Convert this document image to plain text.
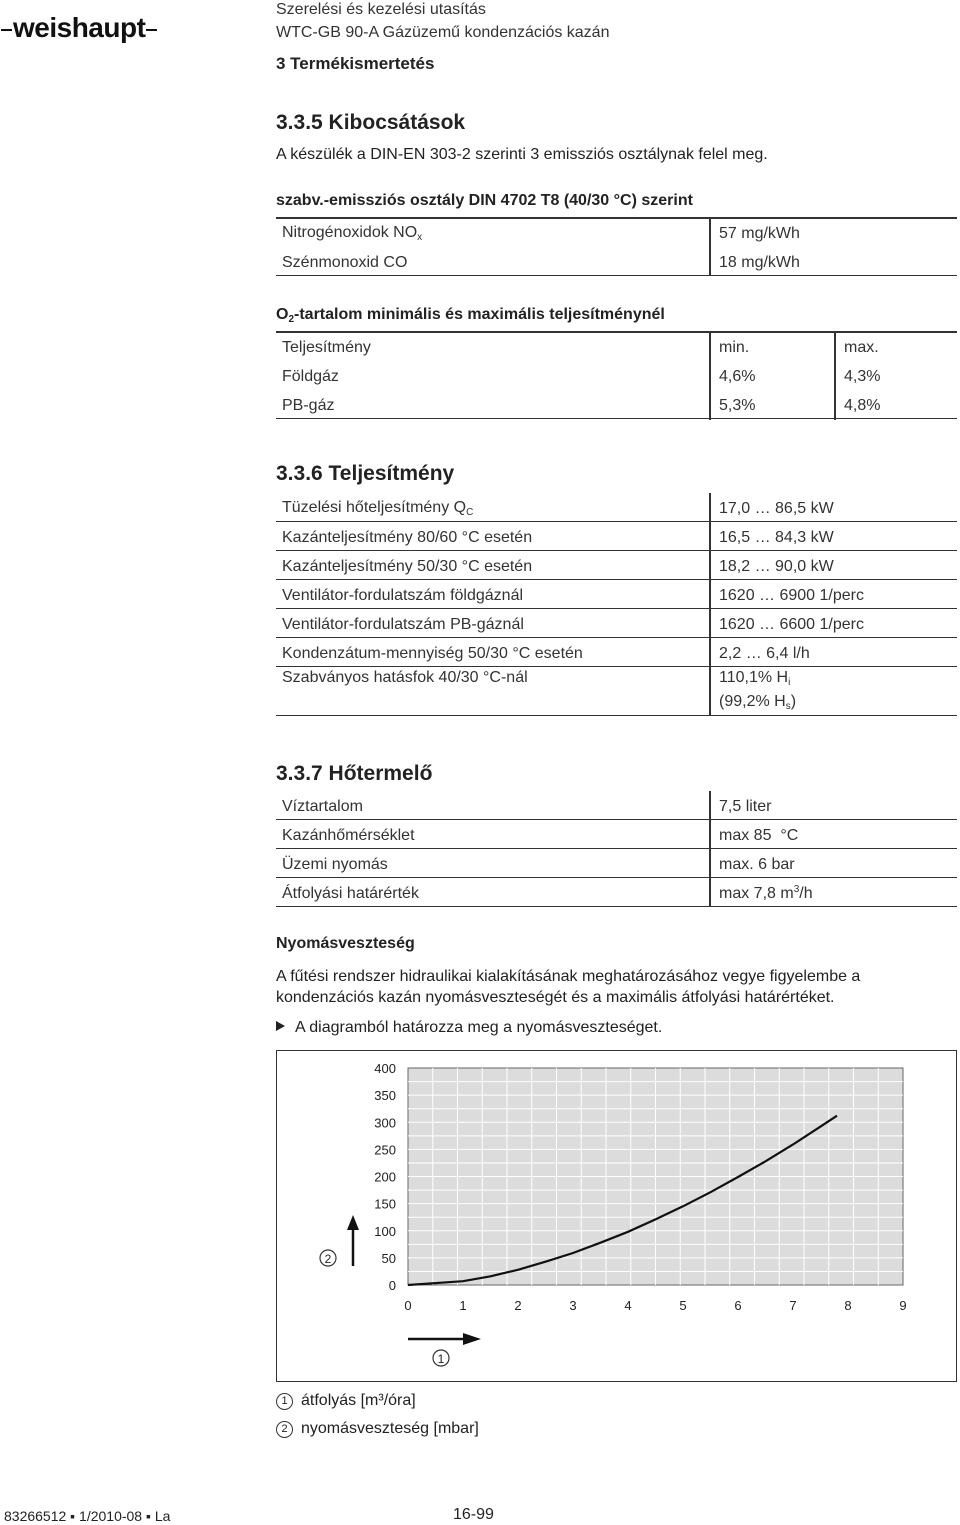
weishaupt
Szerelési és kezelési utasítás
WTC-GB 90-A Gázüzemű kondenzációs kazán
3 Termékismertetés
3.3.5 Kibocsátások
A készülék a DIN-EN 303-2 szerinti 3 emissziós osztálynak felel meg.
szabv.-emissziós osztály DIN 4702 T8 (40/30 °C) szerint
Nitrogénoxidok $NO_x$	57 mg/kWh
Szénmonoxid CO	18 mg/kWh
$O_2$-tartalom minimális és maximális teljesítménynél
Teljesítmény	min.	max.
Földgáz	4,6%	4,3%
PB-gáz	5,3%	4,8%
3.3.6 Teljesítmény
Tüzelési hőteljesítmény $Q_C$	17,0 … 86,5 kW
Kazánteljesítmény 80/60 °C esetén	16,5 … 84,3 kW
Kazánteljesítmény 50/30 °C esetén	18,2 … 90,0 kW
Ventilátor-fordulatszám földgáznál	1620 … 6900 1/perc
Ventilátor-fordulatszám PB-gáznál	1620 … 6600 1/perc
Kondenzátum-mennyiség 50/30 °C esetén	2,2 … 6,4 l/h
Szabványos hatásfok 40/30 °C-nál	110,1% $H_i$
(99,2% $H_s$)
3.3.7 Hőtermelő
Víztartalom	7,5 liter
Kazánhőmérséklet	max 85  °C
Üzemi nyomás	max. 6 bar
Átfolyási határérték	max 7,8 $m^3/h$
Nyomásveszteség
A fűtési rendszer hidraulikai kialakításának meghatározásához vegye figyelembe a
kondenzációs kazán nyomásveszteségét és a maximális átfolyási határértéket.
A diagramból határozza meg a nyomásveszteséget.
0
50
100
150
200
250
300
350
400
0	1	2	3	4	5	6	7	8	9
2
1
1 átfolyás [m³/óra]
2 nyomásveszteség [mbar]
83266512 ▪ 1/2010-08 ▪ La	16-99
